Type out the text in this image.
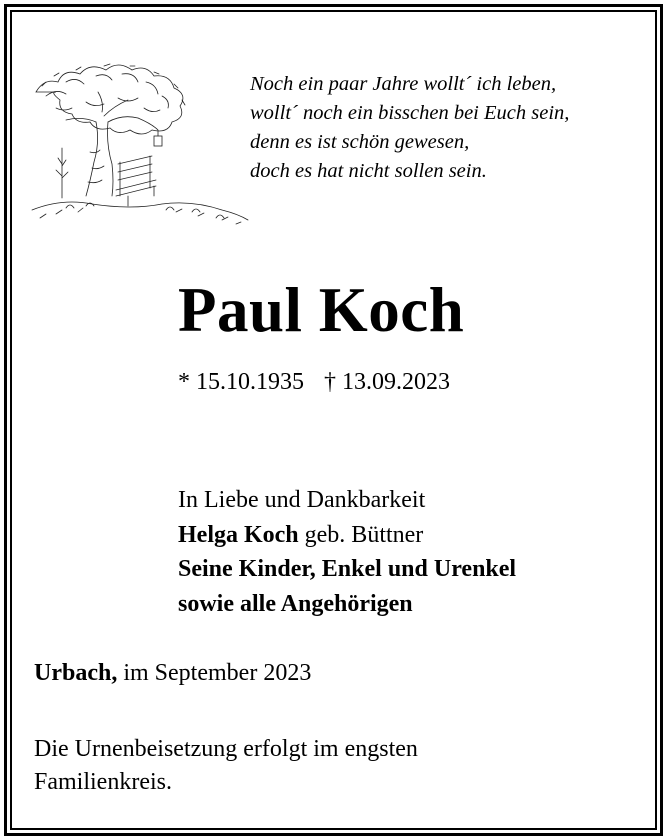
Noch ein paar Jahre wollt´ ich leben,
wollt´ noch ein bisschen bei Euch sein,
denn es ist schön gewesen,
doch es hat nicht sollen sein.
Paul Koch
* 15.10.1935 † 13.09.2023
In Liebe und Dankbarkeit
Helga Koch geb. Büttner
Seine Kinder, Enkel und Urenkel
sowie alle Angehörigen
Urbach, im September 2023
Die Urnenbeisetzung erfolgt im engsten Familienkreis.
